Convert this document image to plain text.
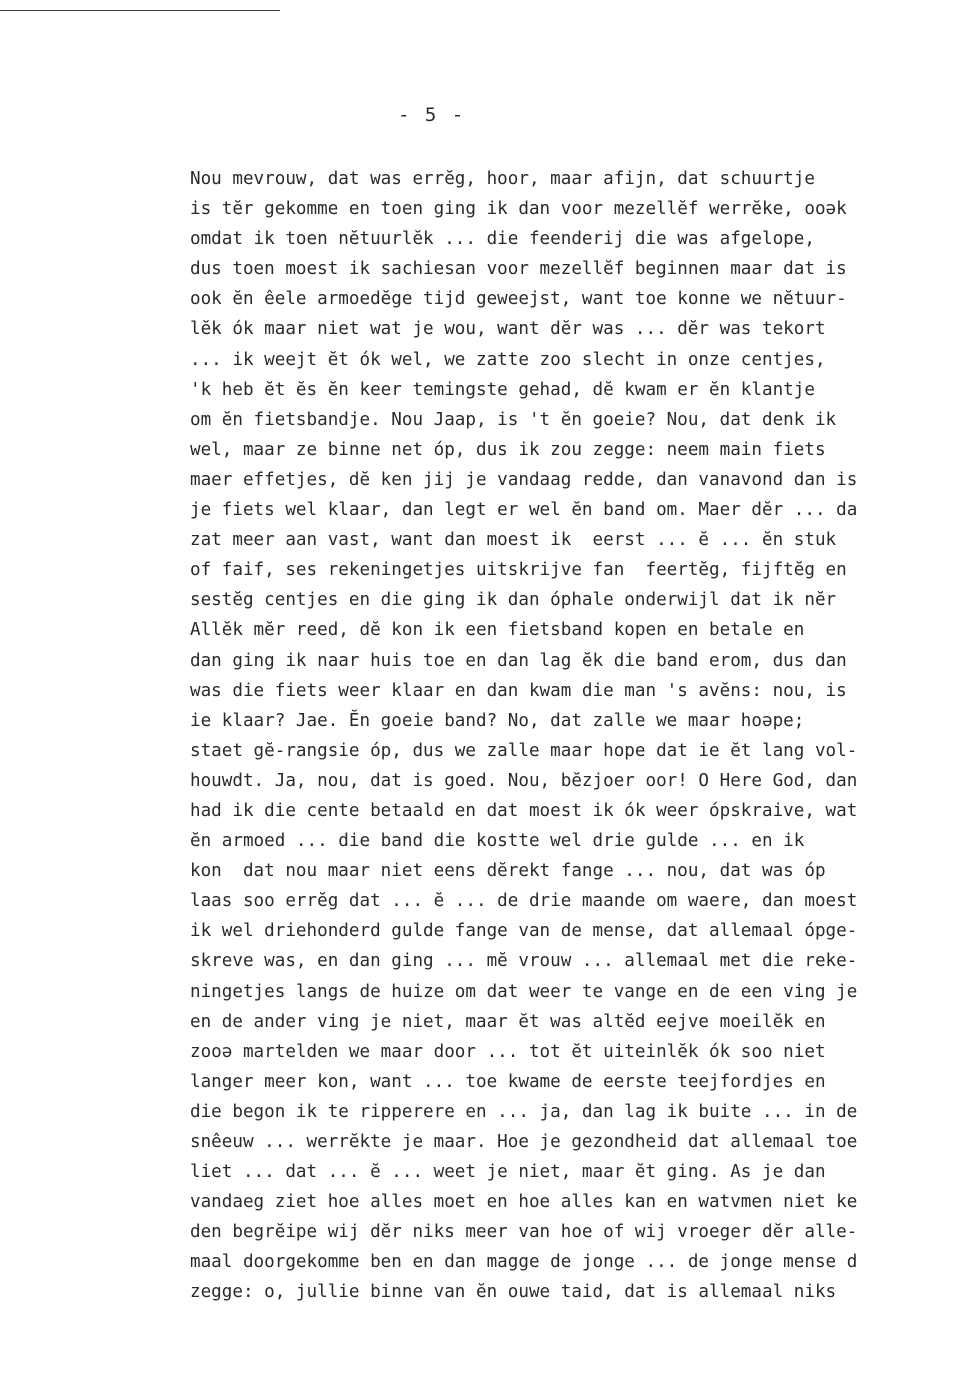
- 5 -
Nou mevrouw, dat was errĕg, hoor, maar afijn, dat schuurtje
is tĕr gekomme en toen ging ik dan voor mezellĕf werrĕke, ooək
omdat ik toen nĕtuurlĕk ... die feenderij die was afgelope,
dus toen moest ik sachiesan voor mezellĕf beginnen maar dat is
ook ĕn êele armoedĕge tijd geweejst, want toe konne we nĕtuur-
lĕk ók maar niet wat je wou, want dĕr was ... dĕr was tekort
... ik weejt ĕt ók wel, we zatte zoo slecht in onze centjes,
'k heb ĕt ĕs ĕn keer temingste gehad, dĕ kwam er ĕn klantje
om ĕn fietsbandje. Nou Jaap, is 't ĕn goeie? Nou, dat denk ik
wel, maar ze binne net óp, dus ik zou zegge: neem main fiets
maer effetjes, dĕ ken jij je vandaag redde, dan vanavond dan is
je fiets wel klaar, dan legt er wel ĕn band om. Maer dĕr ... da
zat meer aan vast, want dan moest ik  eerst ... ĕ ... ĕn stuk
of faif, ses rekeningetjes uitskrijve fan  feertĕg, fijftĕg en
sestĕg centjes en die ging ik dan óphale onderwijl dat ik nĕr
Allĕk mĕr reed, dĕ kon ik een fietsband kopen en betale en
dan ging ik naar huis toe en dan lag ĕk die band erom, dus dan
was die fiets weer klaar en dan kwam die man 's avĕns: nou, is
ie klaar? Jae. Ĕn goeie band? No, dat zalle we maar hoəpe;
staet gĕ-rangsie óp, dus we zalle maar hope dat ie ĕt lang vol-
houwdt. Ja, nou, dat is goed. Nou, bĕzjoer oor! O Here God, dan
had ik die cente betaald en dat moest ik ók weer ópskraive, wat
ĕn armoed ... die band die kostte wel drie gulde ... en ik
kon  dat nou maar niet eens dĕrekt fange ... nou, dat was óp
laas soo errĕg dat ... ĕ ... de drie maande om waere, dan moest
ik wel driehonderd gulde fange van de mense, dat allemaal ópge-
skreve was, en dan ging ... mĕ vrouw ... allemaal met die reke-
ningetjes langs de huize om dat weer te vange en de een ving je
en de ander ving je niet, maar ĕt was altĕd eejve moeilĕk en
zooə martelden we maar door ... tot ĕt uiteinlĕk ók soo niet
langer meer kon, want ... toe kwame de eerste teejfordjes en
die begon ik te ripperere en ... ja, dan lag ik buite ... in de
snêeuw ... werrĕkte je maar. Hoe je gezondheid dat allemaal toe
liet ... dat ... ĕ ... weet je niet, maar ĕt ging. As je dan
vandaeg ziet hoe alles moet en hoe alles kan en watvmen niet ke
den begrĕipe wij dĕr niks meer van hoe of wij vroeger dĕr alle-
maal doorgekomme ben en dan magge de jonge ... de jonge mense d
zegge: o, jullie binne van ĕn ouwe taid, dat is allemaal niks
